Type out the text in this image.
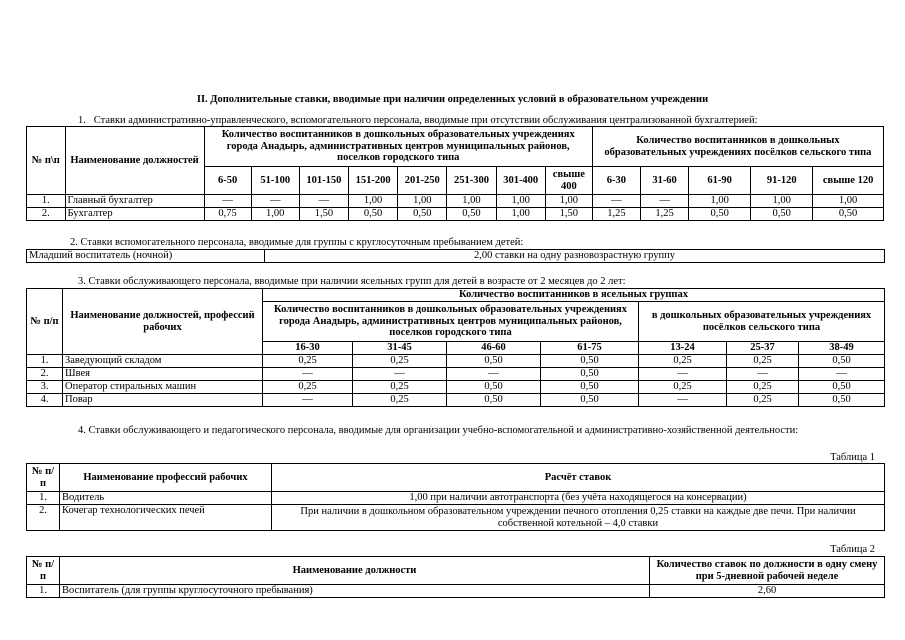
II. Дополнительные ставки, вводимые при наличии определенных условий в образовательном учреждении
1.   Ставки административно-управленческого, вспомогательного персонала, вводимые при отсутствии обслуживания централизованной бухгалтерией:
№ п\п	Наименование должностей	Количество воспитанников в дошкольных образовательных учреждениях города Анадырь, административных центров муниципальных районов, поселков городского типа								Количество воспитанников в дошкольных образовательных учреждениях посёлков сельского типа				
		6-50	51-100	101-150	151-200	201-250	251-300	301-400	свыше 400	6-30	31-60	61-90	91-120	свыше 120
1.	Главный бухгалтер	—	—	—	1,00	1,00	1,00	1,00	1,00	—	—	1,00	1,00	1,00
2.	Бухгалтер	0,75	1,00	1,50	0,50	0,50	0,50	1,00	1,50	1,25	1,25	0,50	0,50	0,50
2. Ставки вспомогательного персонала, вводимые для группы с круглосуточным пребыванием детей:
Младший воспитатель (ночной)	2,00 ставки на одну разновозрастную группу
3. Ставки обслуживающего персонала, вводимые при наличии ясельных групп для детей в возрасте от 2 месяцев до 2 лет:
№ п/п	Наименование должностей, профессий рабочих	Количество воспитанников в ясельных группах						
		Количество воспитанников в дошкольных образовательных учреждениях города Анадырь, административных центров муниципальных районов, поселков городского типа				в дошкольных образовательных учреждениях посёлков сельского типа		
		16-30	31-45	46-60	61-75	13-24	25-37	38-49
1.	Заведующий складом	0,25	0,25	0,50	0,50	0,25	0,25	0,50
2.	Швея	—	—	—	0,50	—	—	—
3.	Оператор стиральных машин	0,25	0,25	0,50	0,50	0,25	0,25	0,50
4.	Повар	—	0,25	0,50	0,50	—	0,25	0,50
4. Ставки обслуживающего и педагогического персонала, вводимые для организации учебно-вспомогательной и административно-хозяйственной деятельности:
Таблица 1
№ п/п	Наименование профессий рабочих	Расчёт ставок
1.	Водитель	1,00 при наличии автотранспорта (без учёта находящегося на консервации)
2.	Кочегар технологических печей	При наличии в дошкольном образовательном учреждении печного отопления 0,25 ставки на каждые две печи. При наличии собственной котельной – 4,0 ставки
Таблица 2
№ п/п	Наименование должности	Количество ставок по должности в одну смену при 5-дневной рабочей неделе
1.	Воспитатель (для группы круглосуточного пребывания)	2,60
